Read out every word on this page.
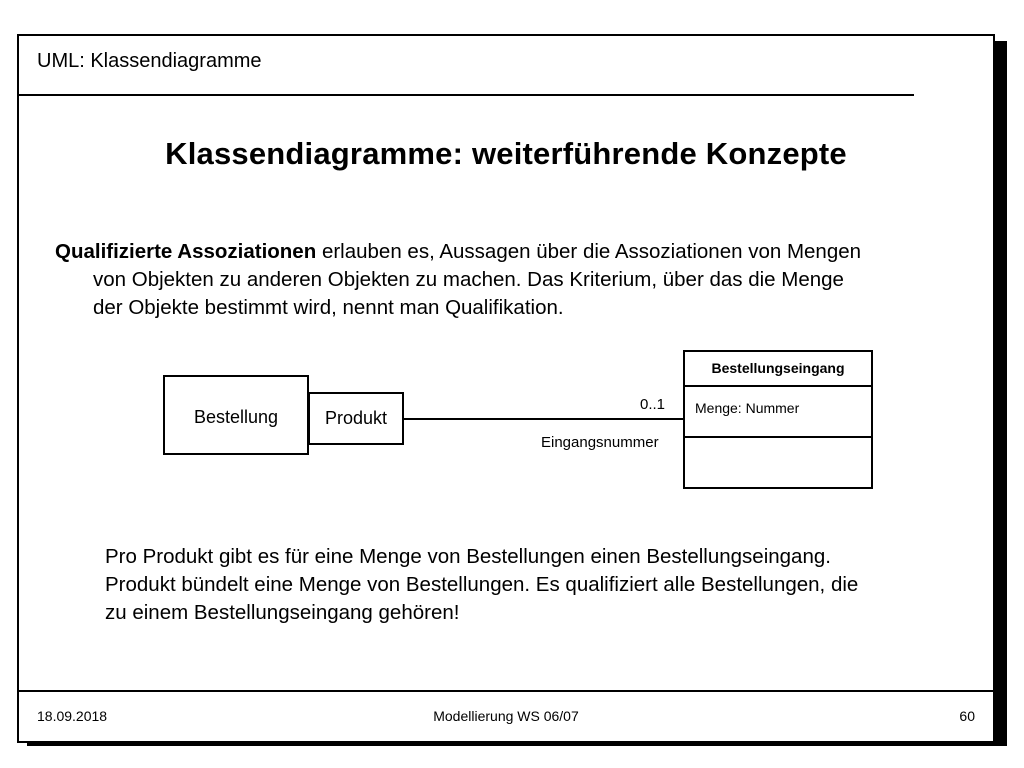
UML: Klassendiagramme
Klassendiagramme: weiterführende Konzepte
Qualifizierte Assoziationen erlauben es, Aussagen über die Assoziationen von Mengen
von Objekten zu anderen Objekten zu machen. Das Kriterium, über das die Menge
der Objekte bestimmt wird, nennt man Qualifikation.
Bestellung	Produkt
0..1
Eingangsnummer
Bestellungseingang
Menge: Nummer
Pro Produkt gibt es für eine Menge von Bestellungen einen Bestellungseingang.
Produkt bündelt eine Menge von Bestellungen. Es qualifiziert alle Bestellungen, die
zu einem Bestellungseingang gehören!
18.09.2018	Modellierung WS 06/07	60
